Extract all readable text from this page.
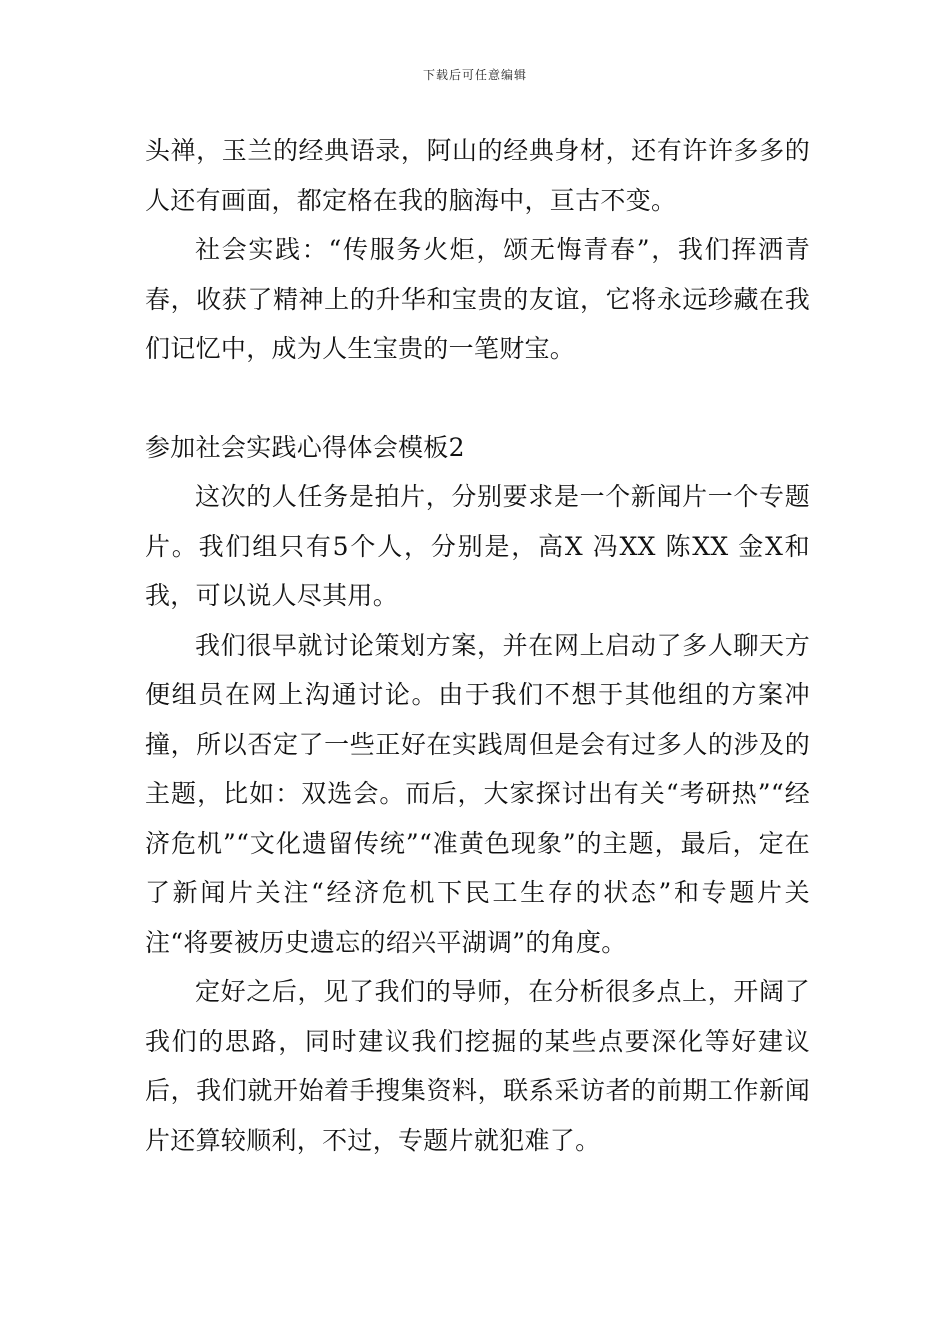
下载后可任意编辑

头禅，玉兰的经典语录，阿山的经典身材，还有许许多多的人还有画面，都定格在我的脑海中，亘古不变。

社会实践：“传服务火炬，颂无悔青春”，我们挥洒青春，收获了精神上的升华和宝贵的友谊，它将永远珍藏在我们记忆中，成为人生宝贵的一笔财宝。

参加社会实践心得体会模板2

这次的人任务是拍片，分别要求是一个新闻片一个专题片。我们组只有5个人，分别是，高X 冯XX 陈XX 金X和我，可以说人尽其用。

我们很早就讨论策划方案，并在网上启动了多人聊天方便组员在网上沟通讨论。由于我们不想于其他组的方案冲撞，所以否定了一些正好在实践周但是会有过多人的涉及的主题，比如：双选会。而后，大家探讨出有关“考研热”“经济危机”“文化遗留传统”“准黄色现象”的主题，最后，定在了新闻片关注“经济危机下民工生存的状态”和专题片关注“将要被历史遗忘的绍兴平湖调”的角度。

定好之后，见了我们的导师，在分析很多点上，开阔了我们的思路，同时建议我们挖掘的某些点要深化等好建议后，我们就开始着手搜集资料，联系采访者的前期工作新闻片还算较顺利，不过，专题片就犯难了。
